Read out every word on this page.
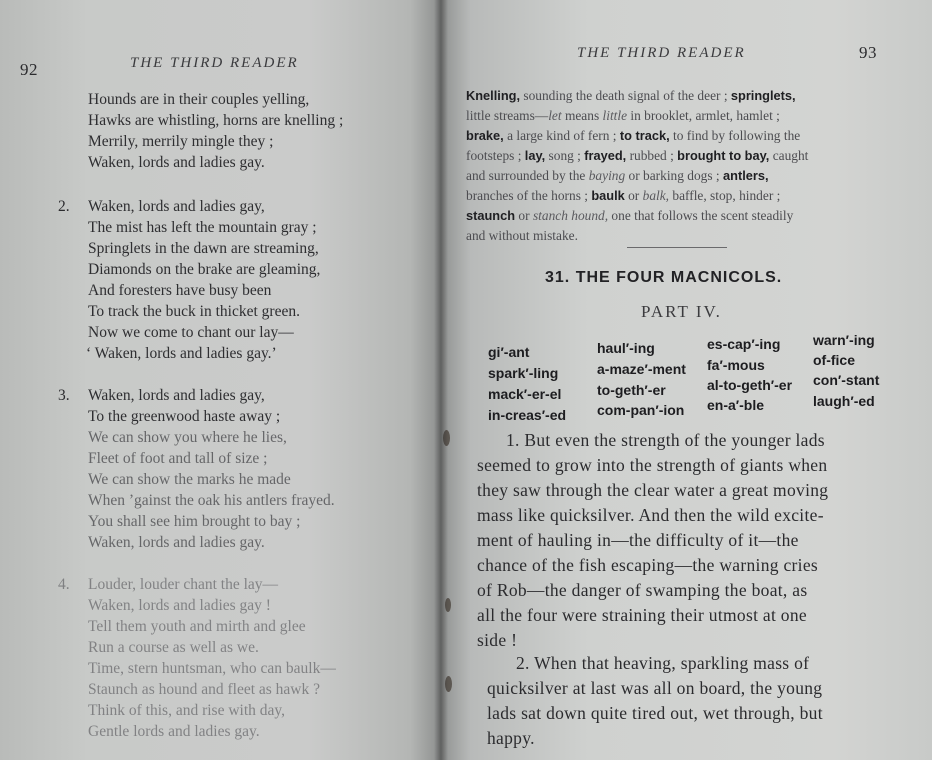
92	THE THIRD READER
Hounds are in their couples yelling,
Hawks are whistling, horns are knelling ;
Merrily, merrily mingle they ;
Waken, lords and ladies gay.
2. Waken, lords and ladies gay,
The mist has left the mountain gray ;
Springlets in the dawn are streaming,
Diamonds on the brake are gleaming,
And foresters have busy been
To track the buck in thicket green.
Now we come to chant our lay—
‘ Waken, lords and ladies gay.’
3. Waken, lords and ladies gay,
To the greenwood haste away ;
We can show you where he lies,
Fleet of foot and tall of size ;
We can show the marks he made
When ’gainst the oak his antlers frayed.
You shall see him brought to bay ;
Waken, lords and ladies gay.
4. Louder, louder chant the lay—
Waken, lords and ladies gay !
Tell them youth and mirth and glee
Run a course as well as we.
Time, stern huntsman, who can baulk—
Staunch as hound and fleet as hawk ?
Think of this, and rise with day,
Gentle lords and ladies gay.
THE THIRD READER	93
Knelling, sounding the death signal of the deer ; springlets,
little streams—let means little in brooklet, armlet, hamlet ;
brake, a large kind of fern ; to track, to find by following the
footsteps ; lay, song ; frayed, rubbed ; brought to bay, caught
and surrounded by the baying or barking dogs ; antlers,
branches of the horns ; baulk or balk, baffle, stop, hinder ;
staunch or stanch hound, one that follows the scent steadily
and without mistake.
31. THE FOUR MACNICOLS.
PART IV.
gi′-ant	haul′-ing	es-cap′-ing warn′-ing
spark′-ling	a-maze′-ment fa′-mous	of-fice
mack′-er-el	to-geth′-er	al-to-geth′-er con′-stant
in-creas′-ed com-pan′-ion en-a′-ble	laugh′-ed
1. But even the strength of the younger lads
seemed to grow into the strength of giants when
they saw through the clear water a great moving
mass like quicksilver. And then the wild excite-
ment of hauling in—the difficulty of it—the
chance of the fish escaping—the warning cries
of Rob—the danger of swamping the boat, as
all the four were straining their utmost at one
side !
2. When that heaving, sparkling mass of
quicksilver at last was all on board, the young
lads sat down quite tired out, wet through, but
happy.
